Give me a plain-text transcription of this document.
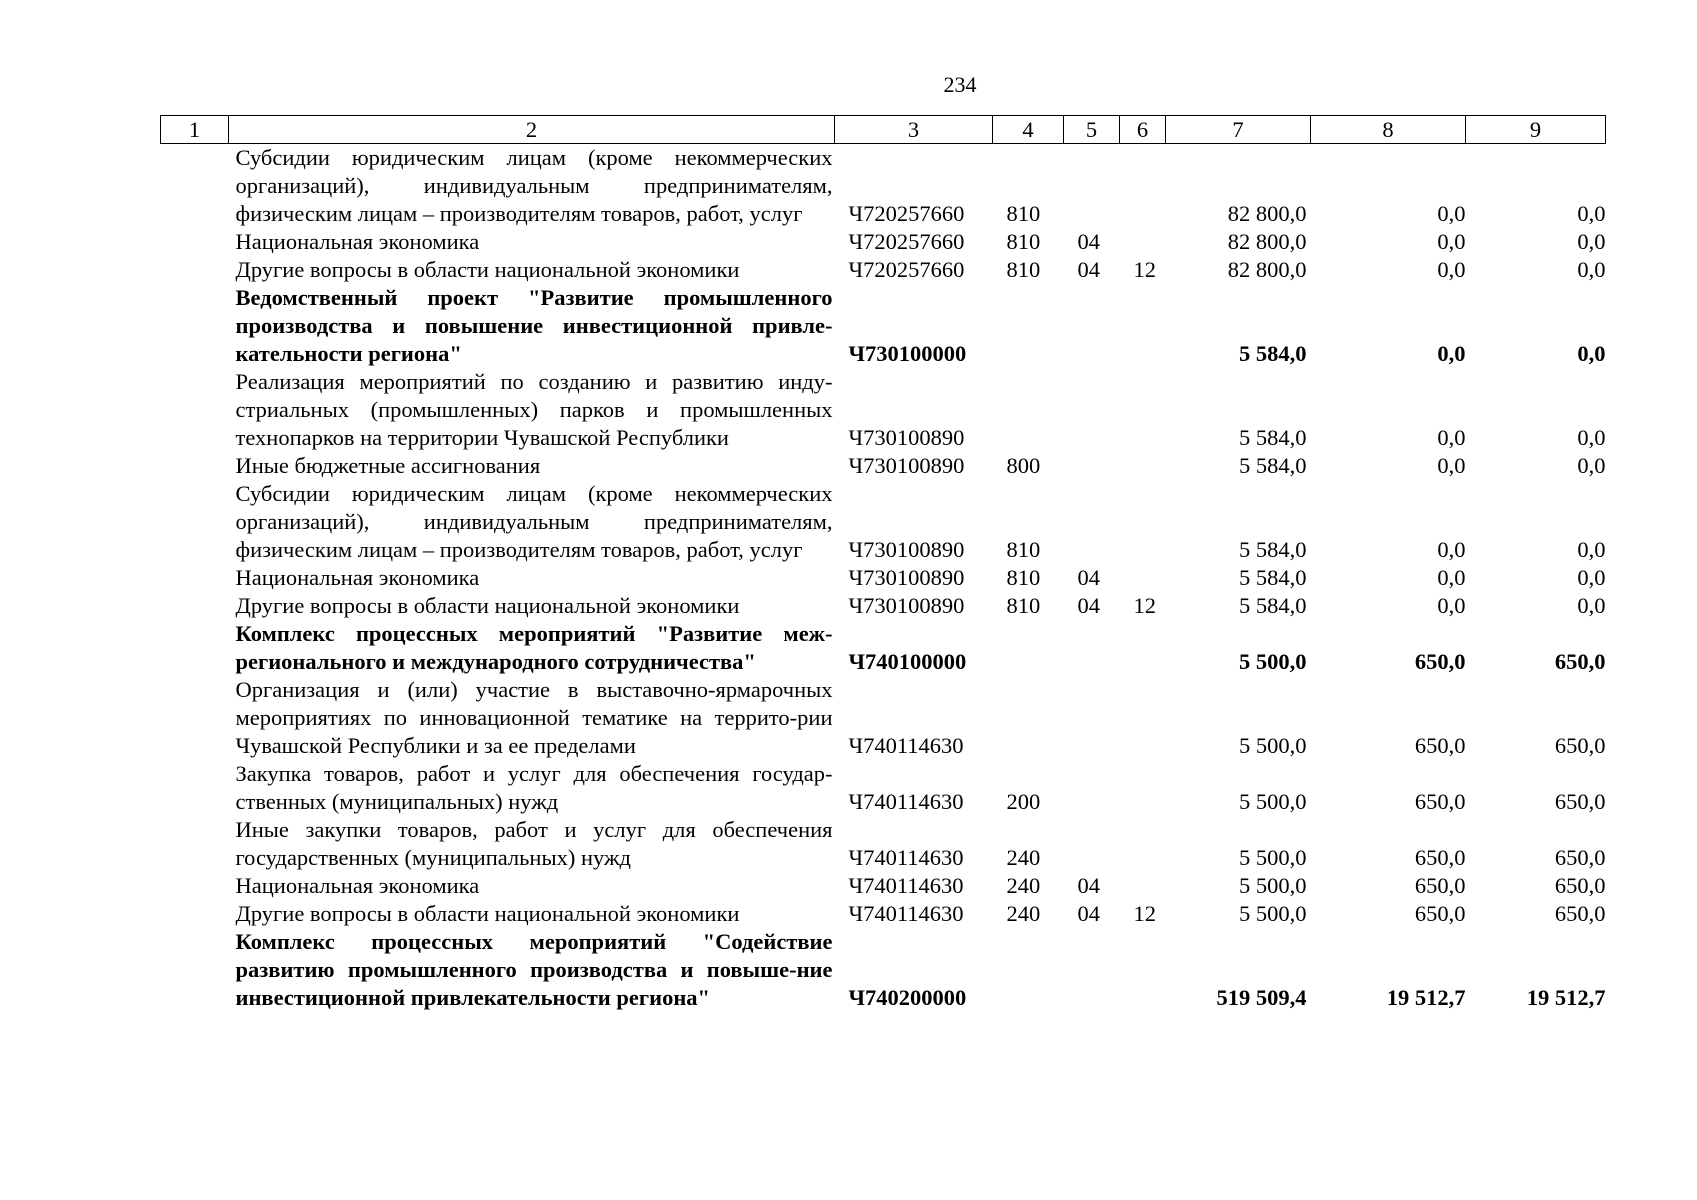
234
1	2	3	4	5	6	7	8	9
	Субсидии юридическим лицам (кроме некоммерческих организаций), индивидуальным предпринимателям, физическим лицам – производителям товаров, работ, услуг	Ч720257660	810			82 800,0	0,0	0,0
	Национальная экономика	Ч720257660	810	04		82 800,0	0,0	0,0
	Другие вопросы в области национальной экономики	Ч720257660	810	04	12	82 800,0	0,0	0,0
	Ведомственный проект "Развитие промышленного производства и повышение инвестиционной привле-кательности региона"	Ч730100000				5 584,0	0,0	0,0
	Реализация мероприятий по созданию и развитию инду-стриальных (промышленных) парков и промышленных технопарков на территории Чувашской Республики	Ч730100890				5 584,0	0,0	0,0
	Иные бюджетные ассигнования	Ч730100890	800			5 584,0	0,0	0,0
	Субсидии юридическим лицам (кроме некоммерческих организаций), индивидуальным предпринимателям, физическим лицам – производителям товаров, работ, услуг	Ч730100890	810			5 584,0	0,0	0,0
	Национальная экономика	Ч730100890	810	04		5 584,0	0,0	0,0
	Другие вопросы в области национальной экономики	Ч730100890	810	04	12	5 584,0	0,0	0,0
	Комплекс процессных мероприятий "Развитие меж-регионального и международного сотрудничества"	Ч740100000				5 500,0	650,0	650,0
	Организация и (или) участие в выставочно-ярмарочных мероприятиях по инновационной тематике на террито-рии Чувашской Республики и за ее пределами	Ч740114630				5 500,0	650,0	650,0
	Закупка товаров, работ и услуг для обеспечения государ-ственных (муниципальных) нужд	Ч740114630	200			5 500,0	650,0	650,0
	Иные закупки товаров, работ и услуг для обеспечения государственных (муниципальных) нужд	Ч740114630	240			5 500,0	650,0	650,0
	Национальная экономика	Ч740114630	240	04		5 500,0	650,0	650,0
	Другие вопросы в области национальной экономики	Ч740114630	240	04	12	5 500,0	650,0	650,0
	Комплекс процессных мероприятий "Содействие развитию промышленного производства и повыше-ние инвестиционной привлекательности региона"	Ч740200000				519 509,4	19 512,7	19 512,7
